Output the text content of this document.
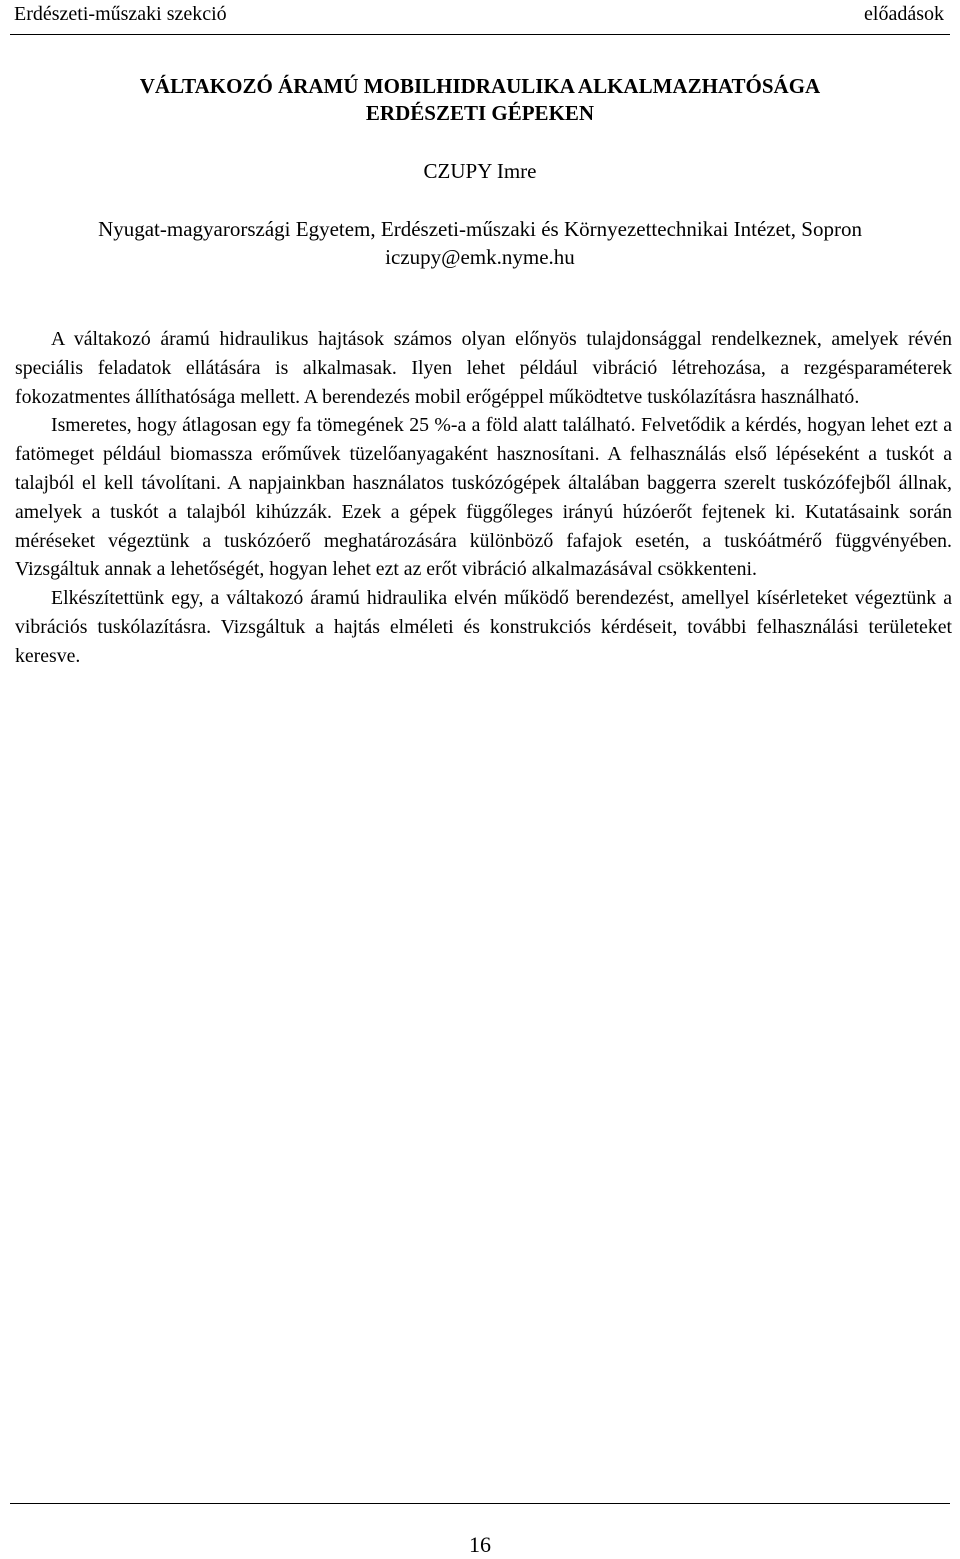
Erdészeti-műszaki szekció	előadások
VÁLTAKOZÓ ÁRAMÚ MOBILHIDRAULIKA ALKALMAZHATÓSÁGA
ERDÉSZETI GÉPEKEN
CZUPY Imre
Nyugat-magyarországi Egyetem, Erdészeti-műszaki és Környezettechnikai Intézet, Sopron
iczupy@emk.nyme.hu

A váltakozó áramú hidraulikus hajtások számos olyan előnyös tulajdonsággal rendelkeznek, amelyek révén speciális feladatok ellátására is alkalmasak. Ilyen lehet például vibráció létrehozása, a rezgésparaméterek fokozatmentes állíthatósága mellett. A berendezés mobil erőgéppel működtetve tuskólazításra használható.

Ismeretes, hogy átlagosan egy fa tömegének 25 %-a a föld alatt található. Felvetődik a kérdés, hogyan lehet ezt a fatömeget például biomassza erőművek tüzelőanyagaként hasznosítani. A felhasználás első lépéseként a tuskót a talajból el kell távolítani. A napjainkban használatos tuskózógépek általában baggerra szerelt tuskózófejből állnak, amelyek a tuskót a talajból kihúzzák. Ezek a gépek függőleges irányú húzóerőt fejtenek ki. Kutatásaink során méréseket végeztünk a tuskózóerő meghatározására különböző fafajok esetén, a tuskóátmérő függvényében. Vizsgáltuk annak a lehetőségét, hogyan lehet ezt az erőt vibráció alkalmazásával csökkenteni.

Elkészítettünk egy, a váltakozó áramú hidraulika elvén működő berendezést, amellyel kísérleteket végeztünk a vibrációs tuskólazításra. Vizsgáltuk a hajtás elméleti és konstrukciós kérdéseit, további felhasználási területeket keresve.

16
